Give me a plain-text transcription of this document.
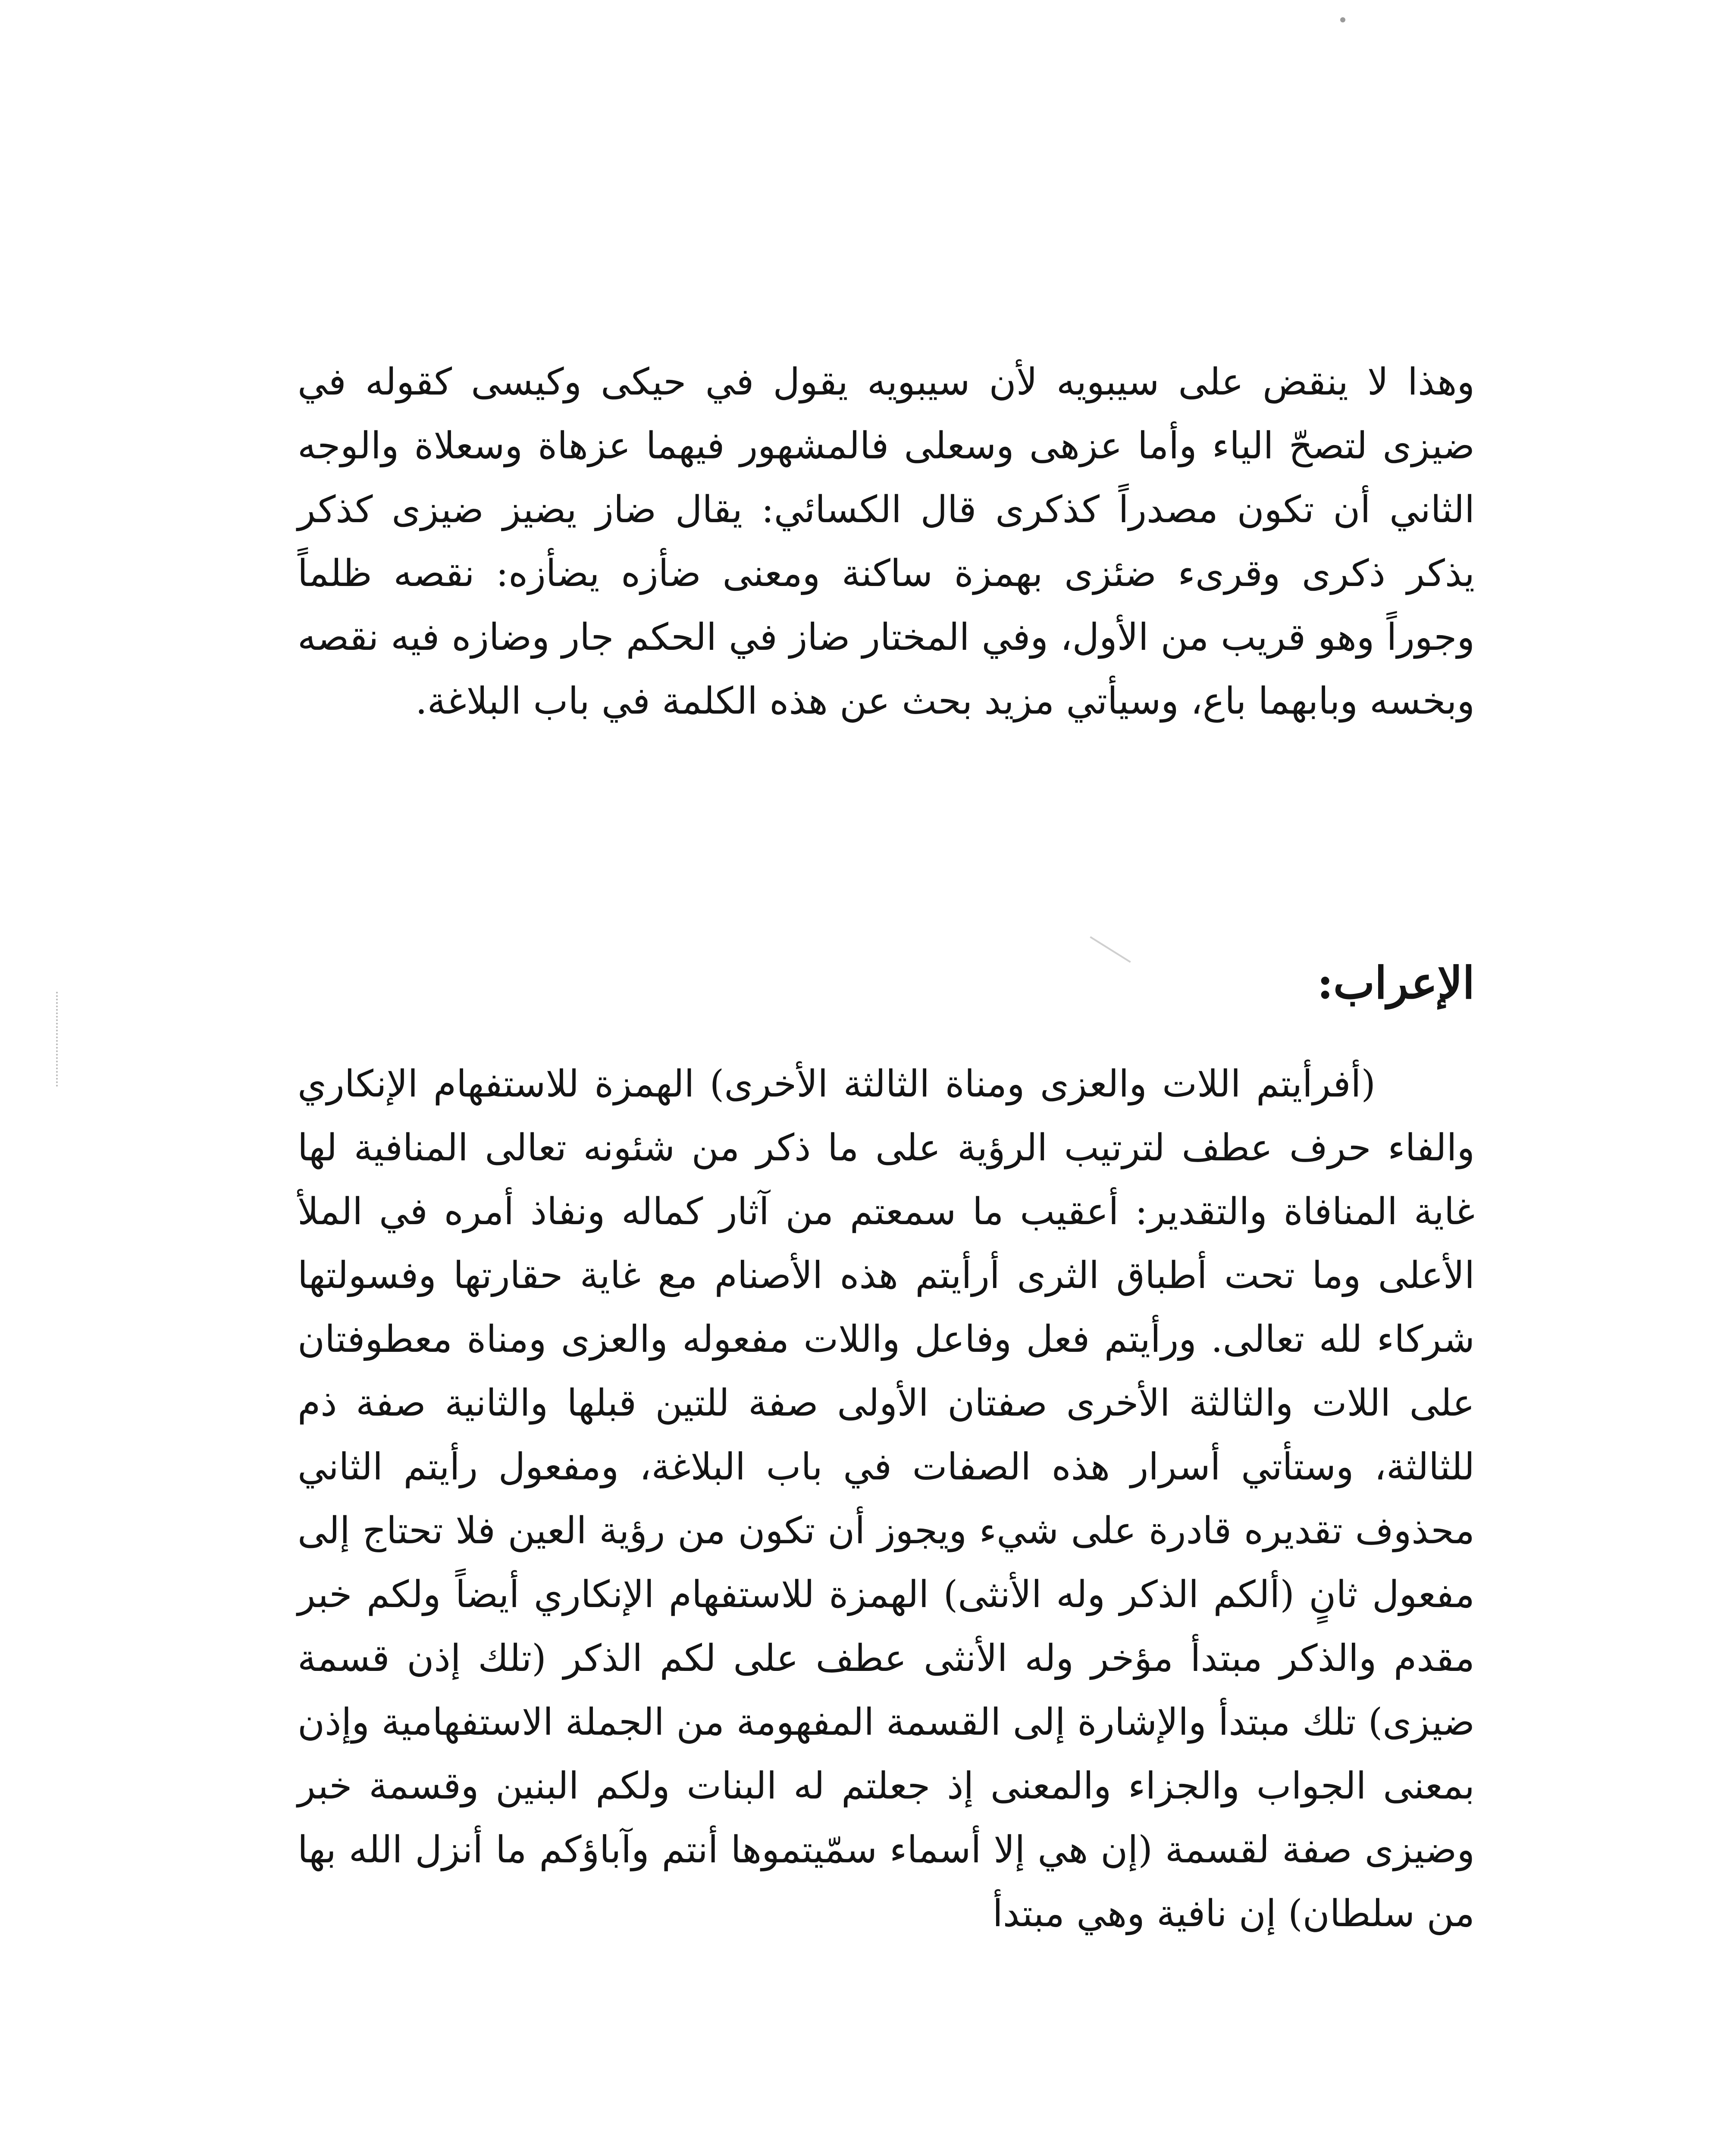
وهذا لا ينقض على سيبويه لأن سيبويه يقول في حيكى وكيسى كقوله في ضيزى لتصحّ الياء وأما عزهى وسعلى فالمشهور فيهما عزهاة وسعلاة والوجه الثاني أن تكون مصدراً كذكرى قال الكسائي: يقال ضاز يضيز ضيزى كذكر يذكر ذكرى وقرىء ضئزى بهمزة ساكنة ومعنى ضأزه يضأزه: نقصه ظلماً وجوراً وهو قريب من الأول، وفي المختار ضاز في الحكم جار وضازه فيه نقصه وبخسه وبابهما باع، وسيأتي مزيد بحث عن هذه الكلمة في باب البلاغة.

الإعراب:

(أفرأيتم اللات والعزى ومناة الثالثة الأخرى) الهمزة للاستفهام الإنكاري والفاء حرف عطف لترتيب الرؤية على ما ذكر من شئونه تعالى المنافية لها غاية المنافاة والتقدير: أعقيب ما سمعتم من آثار كماله ونفاذ أمره في الملأ الأعلى وما تحت أطباق الثرى أرأيتم هذه الأصنام مع غاية حقارتها وفسولتها شركاء لله تعالى. ورأيتم فعل وفاعل واللات مفعوله والعزى ومناة معطوفتان على اللات والثالثة الأخرى صفتان الأولى صفة للتين قبلها والثانية صفة ذم للثالثة، وستأتي أسرار هذه الصفات في باب البلاغة، ومفعول رأيتم الثاني محذوف تقديره قادرة على شيء ويجوز أن تكون من رؤية العين فلا تحتاج إلى مفعول ثانٍ (ألكم الذكر وله الأنثى) الهمزة للاستفهام الإنكاري أيضاً ولكم خبر مقدم والذكر مبتدأ مؤخر وله الأنثى عطف على لكم الذكر (تلك إذن قسمة ضيزى) تلك مبتدأ والإشارة إلى القسمة المفهومة من الجملة الاستفهامية وإذن بمعنى الجواب والجزاء والمعنى إذ جعلتم له البنات ولكم البنين وقسمة خبر وضيزى صفة لقسمة (إن هي إلا أسماء سمّيتموها أنتم وآباؤكم ما أنزل الله بها من سلطان) إن نافية وهي مبتدأ
